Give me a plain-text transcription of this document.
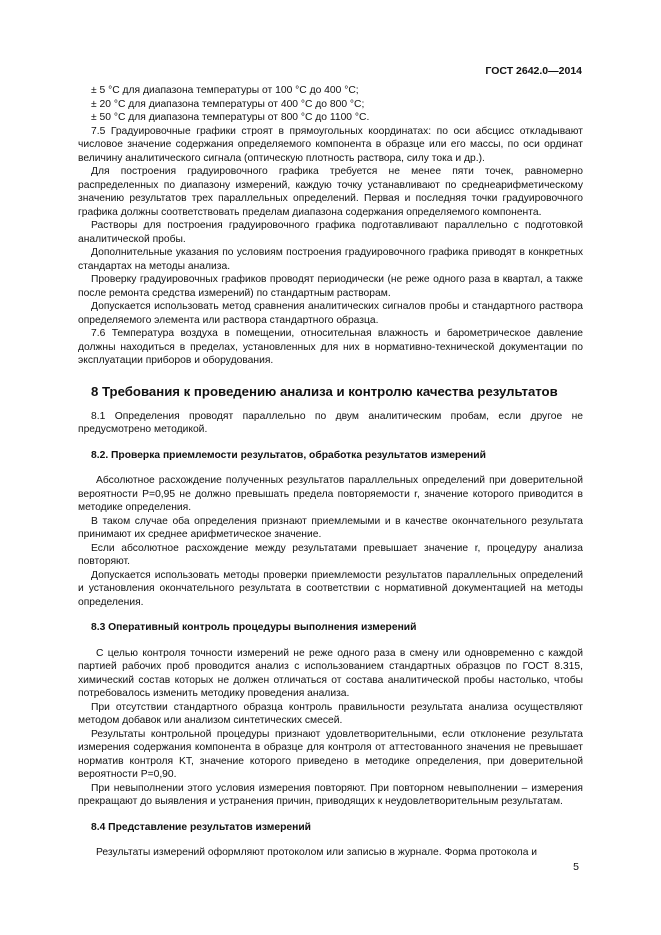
ГОСТ 2642.0—2014

± 5 °С для диапазона температуры от 100 °С до 400 °С;

± 20 °С для диапазона температуры от 400 °С до 800 °С;

± 50 °С для диапазона температуры от 800 °С до 1100 °С.

7.5 Градуировочные графики строят в прямоугольных координатах: по оси абсцисс откладывают числовое значение содержания определяемого компонента в образце или его массы, по оси ординат величину аналитического сигнала (оптическую плотность раствора, силу тока и др.).

Для построения градуировочного графика требуется не менее пяти точек, равномерно распределенных по диапазону измерений, каждую точку устанавливают по среднеарифметическому значению результатов трех параллельных определений. Первая и последняя точки градуировочного графика должны соответствовать пределам диапазона содержания определяемого компонента.

Растворы для построения градуировочного графика подготавливают параллельно с подготовкой аналитической пробы.

Дополнительные указания по условиям построения градуировочного графика приводят в конкретных стандартах на методы анализа.

Проверку градуировочных графиков проводят периодически (не реже одного раза в квартал, а также после ремонта средства измерений) по стандартным растворам.

Допускается использовать метод сравнения аналитических сигналов пробы и стандартного раствора определяемого элемента или раствора стандартного образца.

7.6 Температура воздуха в помещении, относительная влажность и барометрическое давление должны находиться в пределах, установленных для них в нормативно-технической документации по эксплуатации приборов и оборудования.

8 Требования к проведению анализа и контролю качества результатов

8.1 Определения проводят параллельно по двум аналитическим пробам, если другое не предусмотрено методикой.

8.2. Проверка приемлемости результатов, обработка результатов измерений

Абсолютное расхождение полученных результатов параллельных определений при доверительной вероятности P=0,95 не должно превышать предела повторяемости r, значение которого приводится в методике определения.

В таком случае оба определения признают приемлемыми и в качестве окончательного результата принимают их среднее арифметическое значение.

Если абсолютное расхождение между результатами превышает значение r, процедуру анализа повторяют.

Допускается использовать методы проверки приемлемости результатов параллельных определений и установления окончательного результата в соответствии с нормативной документацией на методы определения.

8.3 Оперативный контроль процедуры выполнения измерений

С целью контроля точности измерений не реже одного раза в смену или одновременно с каждой партией рабочих проб проводится анализ с использованием стандартных образцов по ГОСТ 8.315, химический состав которых не должен отличаться от состава аналитической пробы настолько, чтобы потребовалось изменить методику проведения анализа.

При отсутствии стандартного образца контроль правильности результата анализа осуществляют методом добавок или анализом синтетических смесей.

Результаты контрольной процедуры признают удовлетворительными, если отклонение результата измерения содержания компонента в образце для контроля от аттестованного значения не превышает норматив контроля KT, значение которого приведено в методике определения, при доверительной вероятности P=0,90.

При невыполнении этого условия измерения повторяют. При повторном невыполнении – измерения прекращают до выявления и устранения причин, приводящих к неудовлетворительным результатам.

8.4 Представление результатов измерений

Результаты измерений оформляют протоколом или записью в журнале. Форма протокола и

5
